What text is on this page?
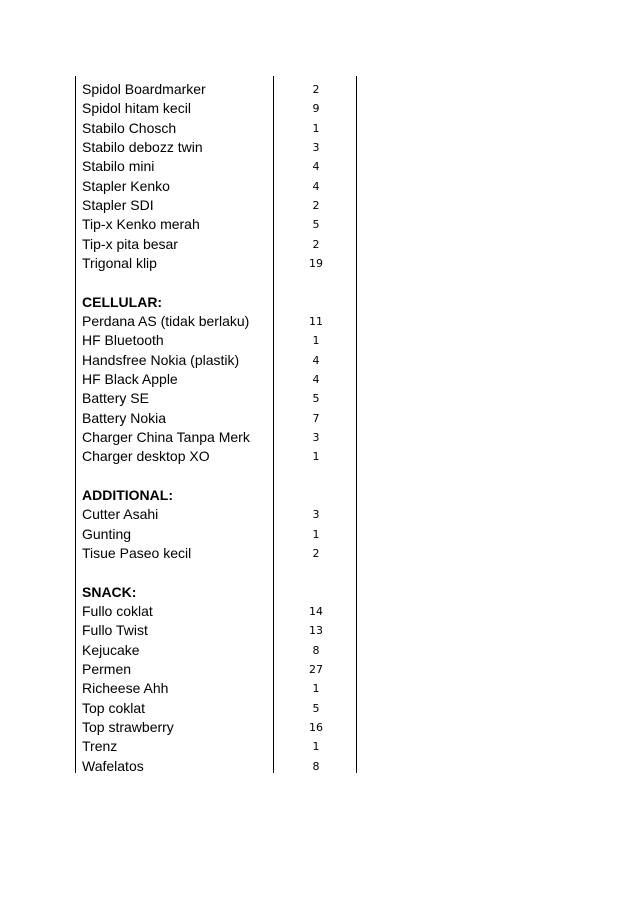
Spidol Boardmarker	2
Spidol hitam kecil	9
Stabilo Chosch	1
Stabilo debozz twin	3
Stabilo mini	4
Stapler Kenko	4
Stapler SDI	2
Tip-x Kenko merah	5
Tip-x pita besar	2
Trigonal klip	19
CELLULAR:
Perdana AS (tidak berlaku)	11
HF Bluetooth	1
Handsfree Nokia (plastik)	4
HF Black Apple	4
Battery SE	5
Battery Nokia	7
Charger China Tanpa Merk	3
Charger desktop XO	1
ADDITIONAL:
Cutter Asahi	3
Gunting	1
Tisue Paseo kecil	2
SNACK:
Fullo coklat	14
Fullo Twist	13
Kejucake	8
Permen	27
Richeese Ahh	1
Top coklat	5
Top strawberry	16
Trenz	1
Wafelatos	8
